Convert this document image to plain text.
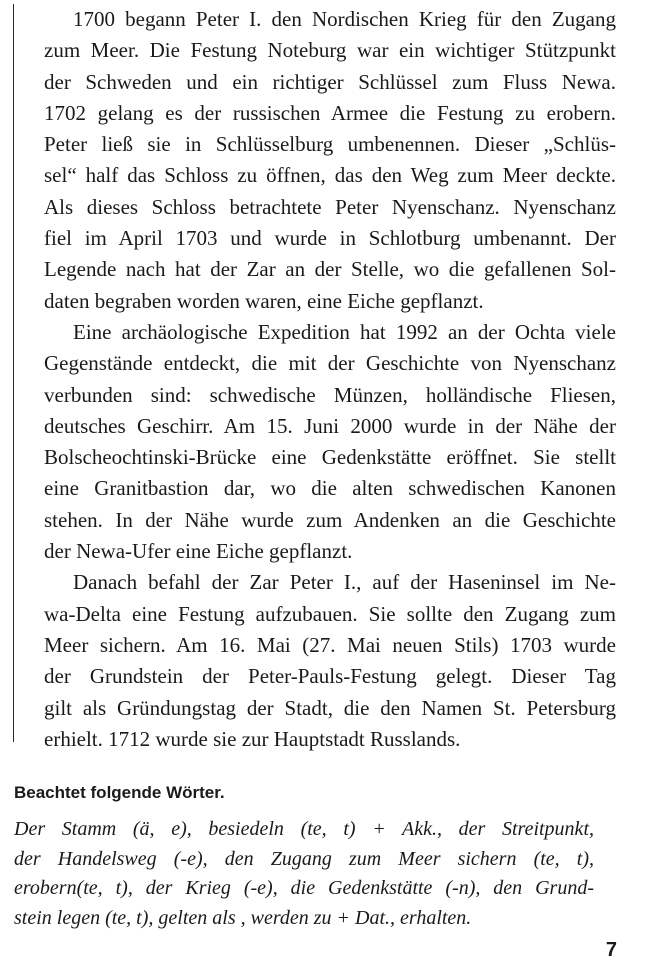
1700 begann Peter I. den Nordischen Krieg für den Zugang
zum Meer. Die Festung Noteburg war ein wichtiger Stützpunkt
der Schweden und ein richtiger Schlüssel zum Fluss Newa.
1702 gelang es der russischen Armee die Festung zu erobern.
Peter ließ sie in Schlüsselburg umbenennen. Dieser „Schlüs-
sel“ half das Schloss zu öffnen, das den Weg zum Meer deckte.
Als dieses Schloss betrachtete Peter Nyenschanz. Nyenschanz
fiel im April 1703 und wurde in Schlotburg umbenannt. Der
Legende nach hat der Zar an der Stelle, wo die gefallenen Sol-
daten begraben worden waren, eine Eiche gepflanzt.
Eine archäologische Expedition hat 1992 an der Ochta viele
Gegenstände entdeckt, die mit der Geschichte von Nyenschanz
verbunden sind: schwedische Münzen, holländische Fliesen,
deutsches Geschirr. Am 15. Juni 2000 wurde in der Nähe der
Bolscheochtinski-Brücke eine Gedenkstätte eröffnet. Sie stellt
eine Granitbastion dar, wo die alten schwedischen Kanonen
stehen. In der Nähe wurde zum Andenken an die Geschichte
der Newa-Ufer eine Eiche gepflanzt.
Danach befahl der Zar Peter I., auf der Haseninsel im Ne-
wa-Delta eine Festung aufzubauen. Sie sollte den Zugang zum
Meer sichern. Am 16. Mai (27. Mai neuen Stils) 1703 wurde
der Grundstein der Peter-Pauls-Festung gelegt. Dieser Tag
gilt als Gründungstag der Stadt, die den Namen St. Petersburg
erhielt. 1712 wurde sie zur Hauptstadt Russlands.
Beachtet folgende Wörter.
Der Stamm (ä, e), besiedeln (te, t) + Akk., der Streitpunkt,
der Handelsweg (-e), den Zugang zum Meer sichern (te, t),
erobern(te, t), der Krieg (-e), die Gedenkstätte (-n), den Grund-
stein legen (te, t), gelten als , werden zu + Dat., erhalten.
7
